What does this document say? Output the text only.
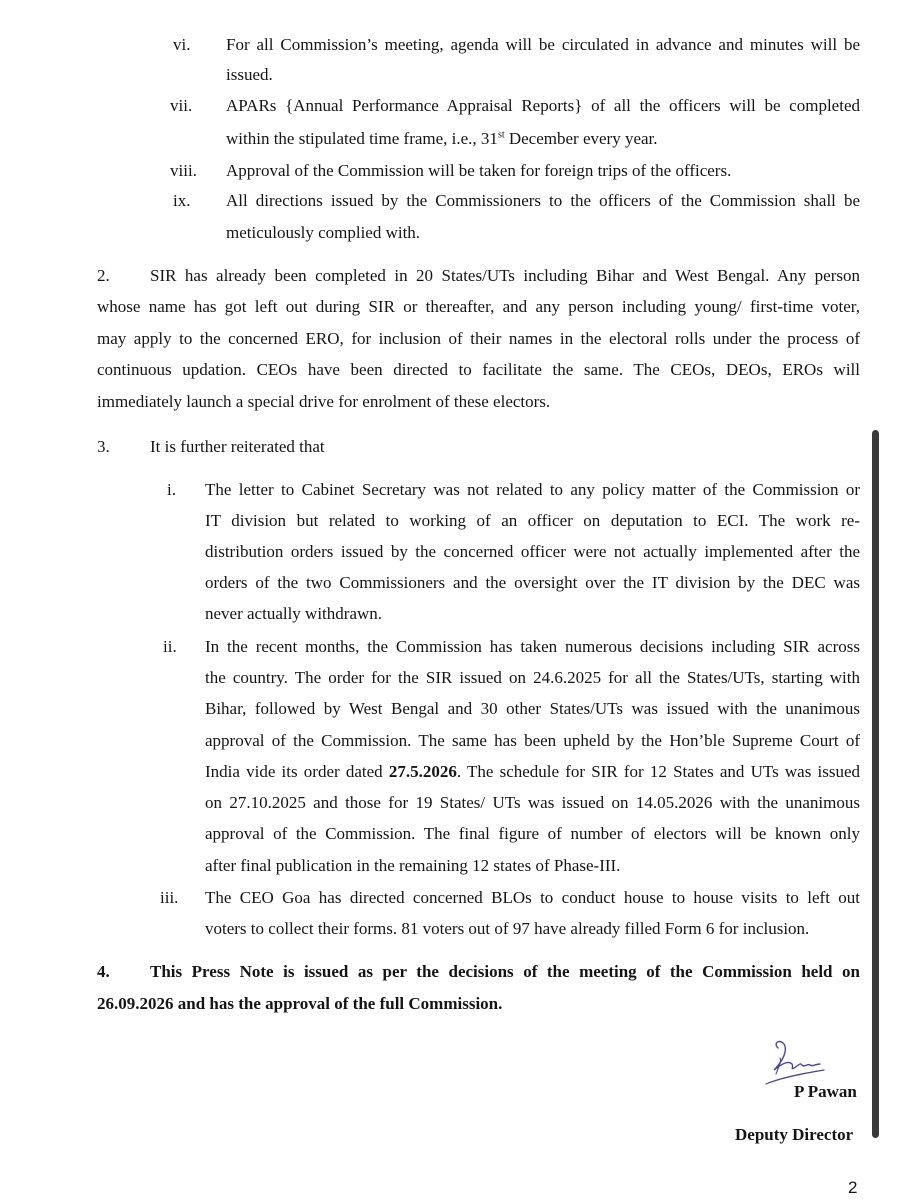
vi. For all Commission’s meeting, agenda will be circulated in advance and minutes will be
issued.
vii. APARs {Annual Performance Appraisal Reports} of all the officers will be completed
within the stipulated time frame, i.e., 31st December every year.
viii. Approval of the Commission will be taken for foreign trips of the officers.
ix. All directions issued by the Commissioners to the officers of the Commission shall be
meticulously complied with.
2. SIR has already been completed in 20 States/UTs including Bihar and West Bengal. Any person
whose name has got left out during SIR or thereafter, and any person including young/ first-time voter,
may apply to the concerned ERO, for inclusion of their names in the electoral rolls under the process of
continuous updation. CEOs have been directed to facilitate the same. The CEOs, DEOs, EROs will
immediately launch a special drive for enrolment of these electors.
3. It is further reiterated that
i. The letter to Cabinet Secretary was not related to any policy matter of the Commission or
IT division but related to working of an officer on deputation to ECI. The work re-
distribution orders issued by the concerned officer were not actually implemented after the
orders of the two Commissioners and the oversight over the IT division by the DEC was
never actually withdrawn.
ii. In the recent months, the Commission has taken numerous decisions including SIR across
the country. The order for the SIR issued on 24.6.2025 for all the States/UTs, starting with
Bihar, followed by West Bengal and 30 other States/UTs was issued with the unanimous
approval of the Commission. The same has been upheld by the Hon’ble Supreme Court of
India vide its order dated 27.5.2026. The schedule for SIR for 12 States and UTs was issued
on 27.10.2025 and those for 19 States/ UTs was issued on 14.05.2026 with the unanimous
approval of the Commission. The final figure of number of electors will be known only
after final publication in the remaining 12 states of Phase-III.
iii. The CEO Goa has directed concerned BLOs to conduct house to house visits to left out
voters to collect their forms. 81 voters out of 97 have already filled Form 6 for inclusion.
4. This Press Note is issued as per the decisions of the meeting of the Commission held on
26.09.2026 and has the approval of the full Commission.
P Pawan
Deputy Director
2
